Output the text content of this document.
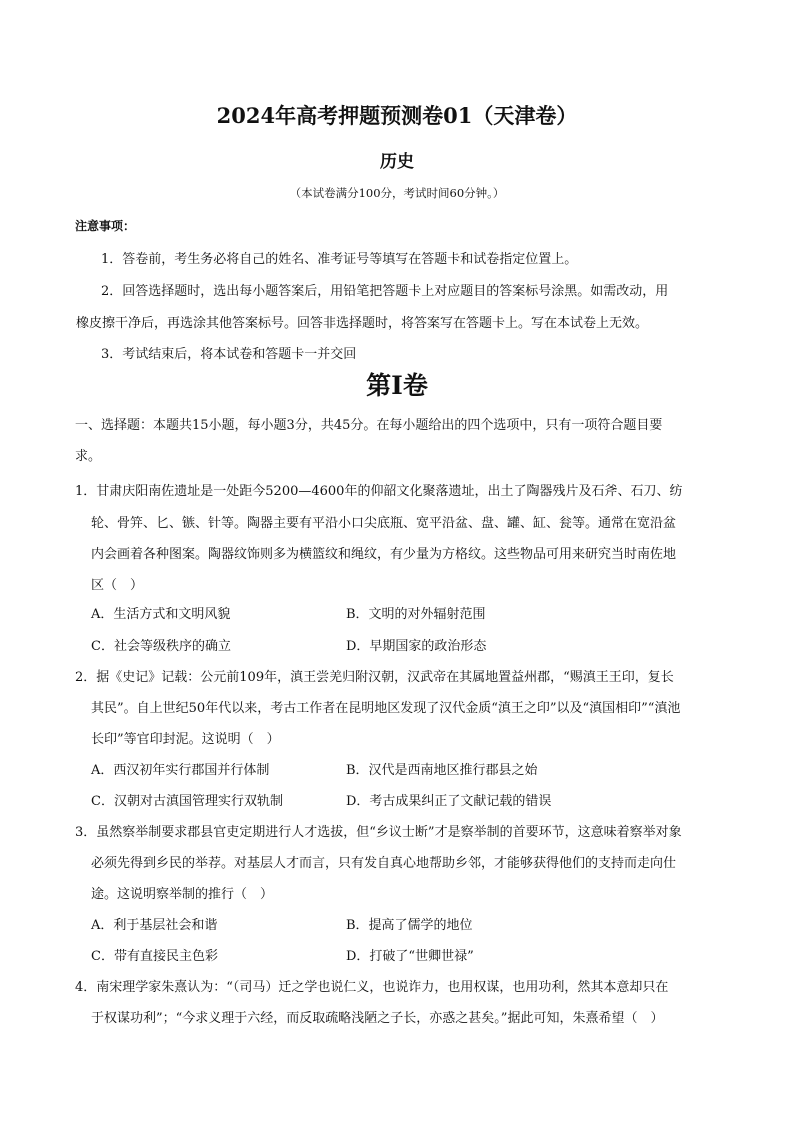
2024年高考押题预测卷01（天津卷）
历史
（本试卷满分100分，考试时间60分钟。）
注意事项：
1．答卷前，考生务必将自己的姓名、准考证号等填写在答题卡和试卷指定位置上。
2．回答选择题时，选出每小题答案后，用铅笔把答题卡上对应题目的答案标号涂黑。如需改动，用
橡皮擦干净后，再选涂其他答案标号。回答非选择题时，将答案写在答题卡上。写在本试卷上无效。
3．考试结束后，将本试卷和答题卡一并交回
第Ⅰ卷
一、选择题：本题共15小题，每小题3分，共45分。在每小题给出的四个选项中，只有一项符合题目要
求。
1．甘肃庆阳南佐遗址是一处距今5200—4600年的仰韶文化聚落遗址，出土了陶器残片及石斧、石刀、纺
轮、骨笄、匕、镞、针等。陶器主要有平沿小口尖底瓶、宽平沿盆、盘、罐、缸、瓮等。通常在宽沿盆
内会画着各种图案。陶器纹饰则多为横篮纹和绳纹，有少量为方格纹。这些物品可用来研究当时南佐地
区（　）
A．生活方式和文明风貌	B．文明的对外辐射范围
C．社会等级秩序的确立	D．早期国家的政治形态
2．据《史记》记载：公元前109年，滇王尝羌归附汉朝，汉武帝在其属地置益州郡，“赐滇王王印，复长
其民”。自上世纪50年代以来，考古工作者在昆明地区发现了汉代金质“滇王之印”以及“滇国相印”“滇池
长印”等官印封泥。这说明（　）
A．西汉初年实行郡国并行体制	B．汉代是西南地区推行郡县之始
C．汉朝对古滇国管理实行双轨制	D．考古成果纠正了文献记载的错误
3．虽然察举制要求郡县官吏定期进行人才选拔，但“乡议士断”才是察举制的首要环节，这意味着察举对象
必须先得到乡民的举荐。对基层人才而言，只有发自真心地帮助乡邻，才能够获得他们的支持而走向仕
途。这说明察举制的推行（　）
A．利于基层社会和谐	B．提高了儒学的地位
C．带有直接民主色彩	D．打破了“世卿世禄”
4．南宋理学家朱熹认为：“（司马）迁之学也说仁义，也说诈力，也用权谋，也用功利，然其本意却只在
于权谋功利”；“今求义理于六经，而反取疏略浅陋之子长，亦惑之甚矣。”据此可知，朱熹希望（　）
